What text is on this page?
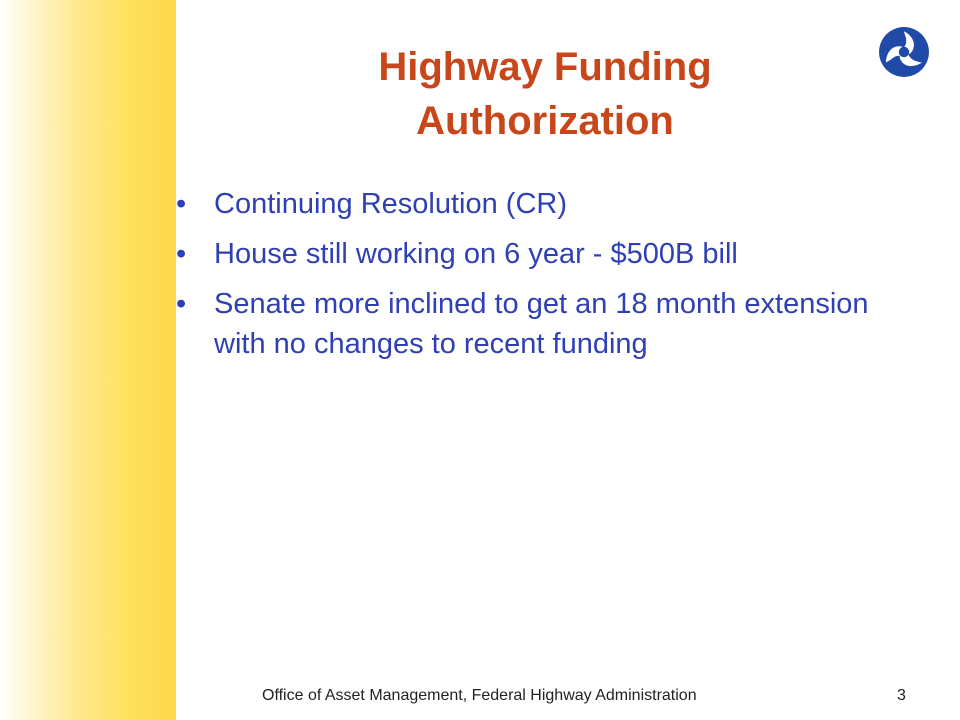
Highway Funding
Authorization
• Continuing Resolution (CR)
• House still working on 6 year - $500B bill
• Senate more inclined to get an 18 month extension with no changes to recent funding
Office of Asset Management, Federal Highway Administration	3
